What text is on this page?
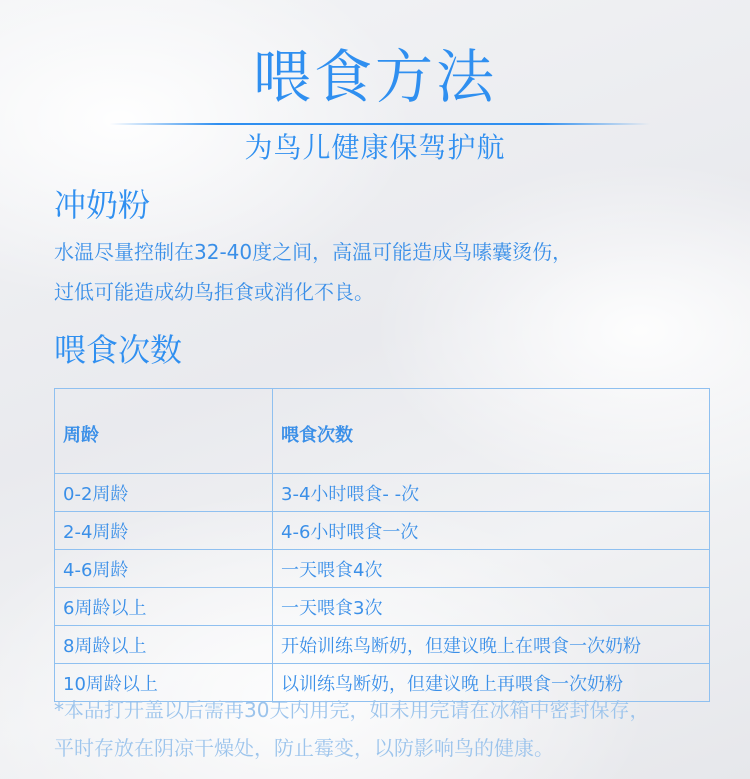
喂食方法
为鸟儿健康保驾护航
冲奶粉
水温尽量控制在32-40度之间，高温可能造成鸟嗉囊烫伤，
过低可能造成幼鸟拒食或消化不良。
喂食次数
周龄	喂食次数
0-2周龄	3-4小时喂食- -次
2-4周龄	4-6小时喂食一次
4-6周龄	一天喂食4次
6周龄以上	一天喂食3次
8周龄以上	开始训练鸟断奶，但建议晚上在喂食一次奶粉
10周龄以上	以训练鸟断奶，但建议晚上再喂食一次奶粉
*本品打开盖以后需再30天内用完，如未用完请在冰箱中密封保存，
平时存放在阴凉干燥处，防止霉变，以防影响鸟的健康。
